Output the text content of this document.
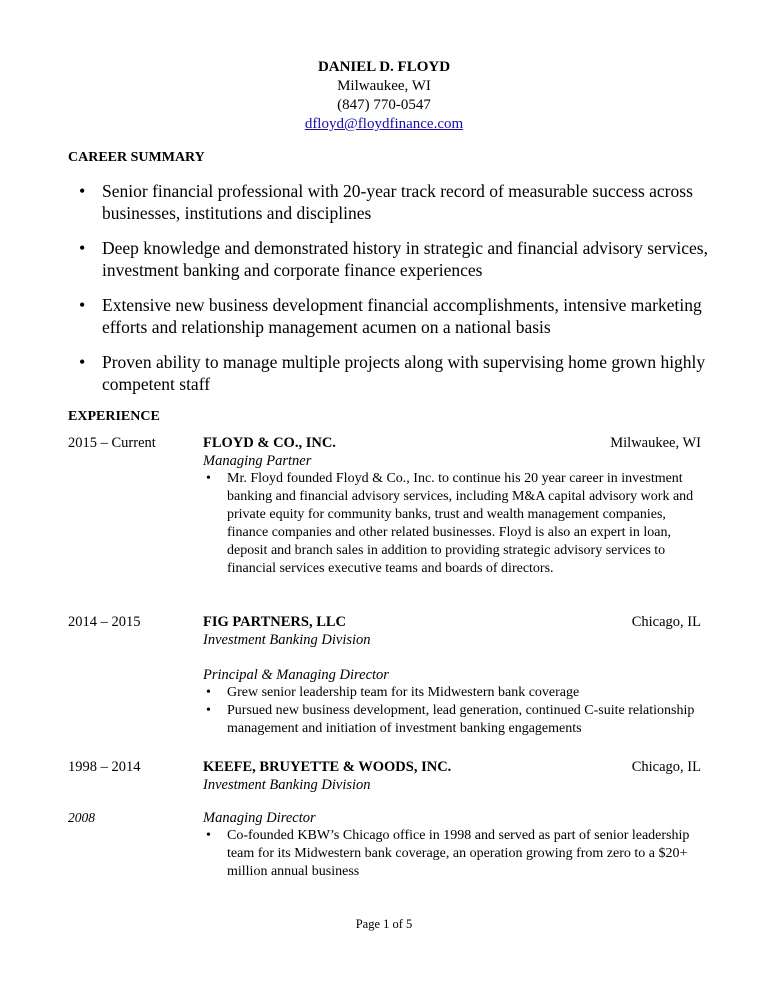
DANIEL D. FLOYD
Milwaukee, WI
(847) 770-0547
dfloyd@floydfinance.com
CAREER SUMMARY
• Senior financial professional with 20-year track record of measurable success across businesses, institutions and disciplines
• Deep knowledge and demonstrated history in strategic and financial advisory services, investment banking and corporate finance experiences
• Extensive new business development financial accomplishments, intensive marketing efforts and relationship management acumen on a national basis
• Proven ability to manage multiple projects along with supervising home grown highly competent staff
EXPERIENCE
2015 – Current	FLOYD & CO., INC.	Milwaukee, WI
Managing Partner
• Mr. Floyd founded Floyd & Co., Inc. to continue his 20 year career in investment banking and financial advisory services, including M&A capital advisory work and private equity for community banks, trust and wealth management companies, finance companies and other related businesses. Floyd is also an expert in loan, deposit and branch sales in addition to providing strategic advisory services to financial services executive teams and boards of directors.
2014 – 2015	FIG PARTNERS, LLC	Chicago, IL
Investment Banking Division
Principal & Managing Director
• Grew senior leadership team for its Midwestern bank coverage
• Pursued new business development, lead generation, continued C-suite relationship management and initiation of investment banking engagements
1998 – 2014	KEEFE, BRUYETTE & WOODS, INC.	Chicago, IL
Investment Banking Division
2008	Managing Director
• Co-founded KBW’s Chicago office in 1998 and served as part of senior leadership team for its Midwestern bank coverage, an operation growing from zero to a $20+ million annual business
Page 1 of 5
